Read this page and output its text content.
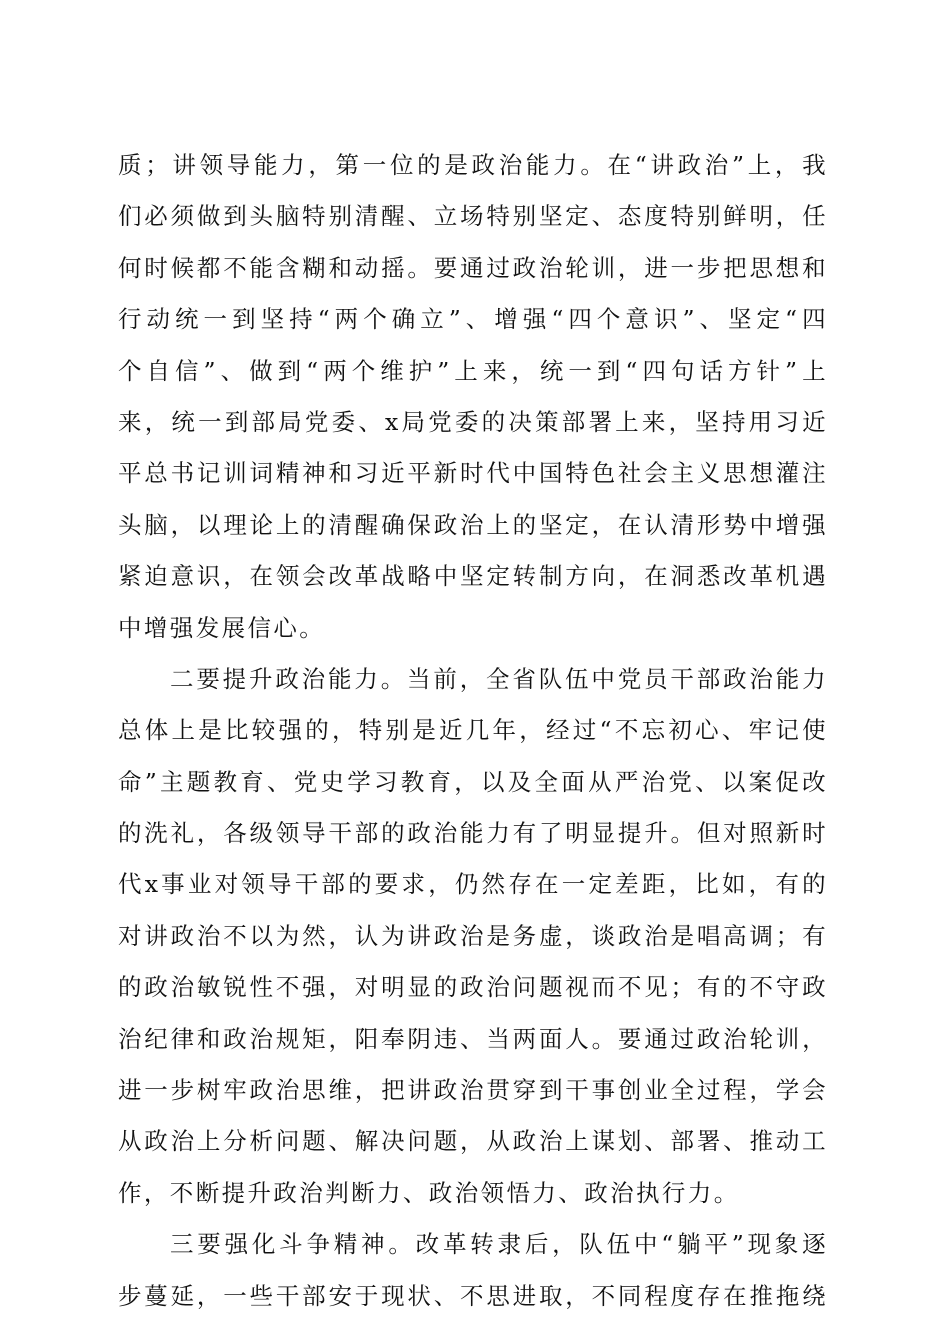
质；讲领导能力，第一位的是政治能力。在“讲政治”上，我
们必须做到头脑特别清醒、立场特别坚定、态度特别鲜明，任
何时候都不能含糊和动摇。要通过政治轮训，进一步把思想和
行动统一到坚持“两个确立”、增强“四个意识”、坚定“四
个自信”、做到“两个维护”上来，统一到“四句话方针”上
来，统一到部局党委、x局党委的决策部署上来，坚持用习近
平总书记训词精神和习近平新时代中国特色社会主义思想灌注
头脑，以理论上的清醒确保政治上的坚定，在认清形势中增强
紧迫意识，在领会改革战略中坚定转制方向，在洞悉改革机遇
中增强发展信心。
二要提升政治能力。当前，全省队伍中党员干部政治能力
总体上是比较强的，特别是近几年，经过“不忘初心、牢记使
命”主题教育、党史学习教育，以及全面从严治党、以案促改
的洗礼，各级领导干部的政治能力有了明显提升。但对照新时
代x事业对领导干部的要求，仍然存在一定差距，比如，有的
对讲政治不以为然，认为讲政治是务虚，谈政治是唱高调；有
的政治敏锐性不强，对明显的政治问题视而不见；有的不守政
治纪律和政治规矩，阳奉阴违、当两面人。要通过政治轮训，
进一步树牢政治思维，把讲政治贯穿到干事创业全过程，学会
从政治上分析问题、解决问题，从政治上谋划、部署、推动工
作，不断提升政治判断力、政治领悟力、政治执行力。
三要强化斗争精神。改革转隶后，队伍中“躺平”现象逐
步蔓延，一些干部安于现状、不思进取，不同程度存在推拖绕
